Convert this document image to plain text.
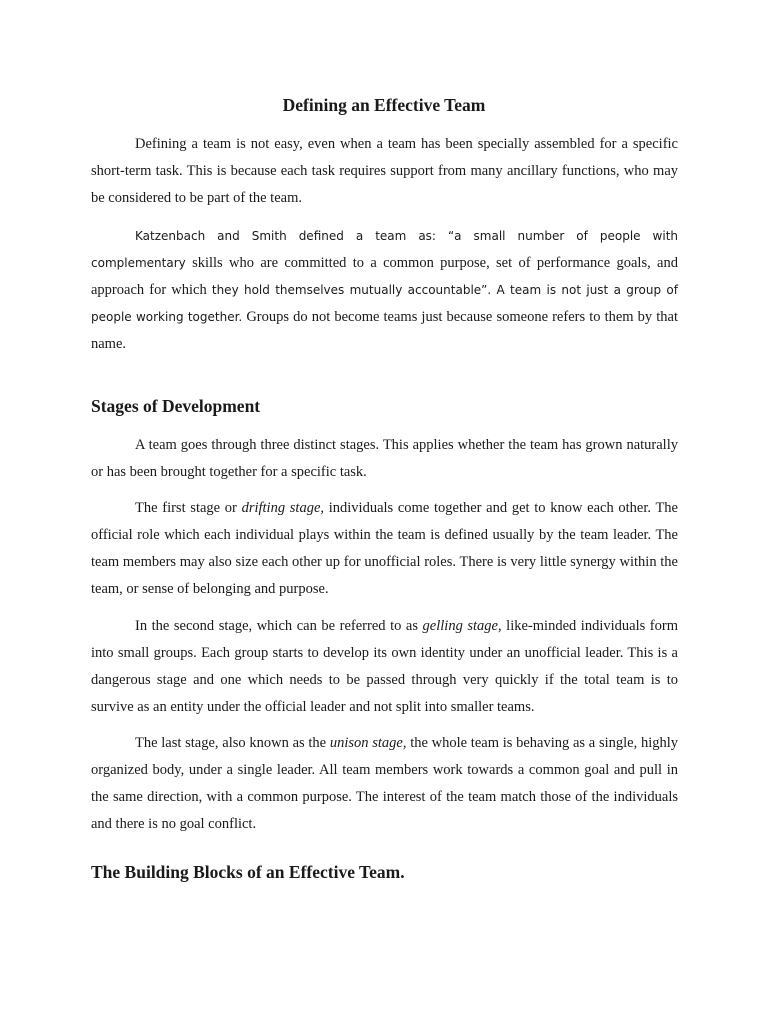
Defining an Effective Team

Defining a team is not easy, even when a team has been specially assembled for a specific short-term task. This is because each task requires support from many ancillary functions, who may be considered to be part of the team.

Katzenbach and Smith defined a team as: “a small number of people with complementary skills who are committed to a common purpose, set of performance goals, and approach for which they hold themselves mutually accountable”. A team is not just a group of people working together. Groups do not become teams just because someone refers to them by that name.

Stages of Development

A team goes through three distinct stages. This applies whether the team has grown naturally or has been brought together for a specific task.

The first stage or drifting stage, individuals come together and get to know each other. The official role which each individual plays within the team is defined usually by the team leader. The team members may also size each other up for unofficial roles. There is very little synergy within the team, or sense of belonging and purpose.

In the second stage, which can be referred to as gelling stage, like-minded individuals form into small groups. Each group starts to develop its own identity under an unofficial leader. This is a dangerous stage and one which needs to be passed through very quickly if the total team is to survive as an entity under the official leader and not split into smaller teams.

The last stage, also known as the unison stage, the whole team is behaving as a single, highly organized body, under a single leader. All team members work towards a common goal and pull in the same direction, with a common purpose. The interest of the team match those of the individuals and there is no goal conflict.

The Building Blocks of an Effective Team.
